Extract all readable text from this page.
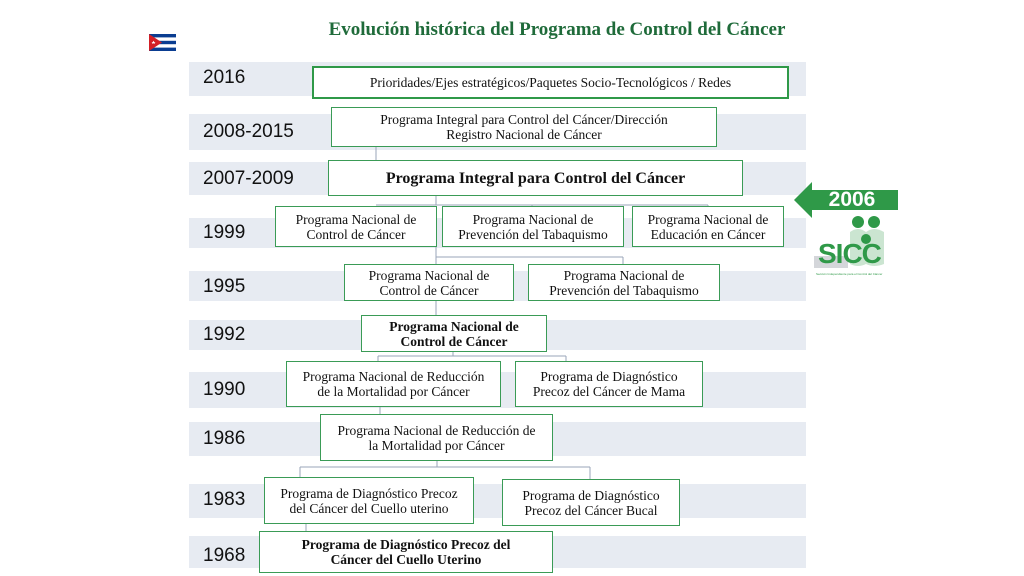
Evolución histórica del Programa de Control del Cáncer
2016
2008-2015
2007-2009
1999
1995
1992
1990
1986
1983
1968
Prioridades/Ejes estratégicos/Paquetes Socio-Tecnológicos / Redes
Programa Integral para Control del Cáncer/Dirección
Registro Nacional de Cáncer
Programa Integral para Control del Cáncer
Programa Nacional de
Control de Cáncer
Programa Nacional de
Prevención del Tabaquismo
Programa Nacional de
Educación en Cáncer
Programa Nacional de
Control de Cáncer
Programa Nacional de
Prevención del Tabaquismo
Programa Nacional de
Control de Cáncer
Programa Nacional de Reducción
de la Mortalidad por Cáncer
Programa de Diagnóstico
Precoz del Cáncer de Mama
Programa Nacional de Reducción de
la Mortalidad por Cáncer
Programa de Diagnóstico Precoz
del Cáncer del Cuello uterino
Programa de Diagnóstico
Precoz del Cáncer Bucal
Programa de Diagnóstico Precoz del
Cáncer del Cuello Uterino
2006
SICC
Sección Independiente para el Control del Cáncer
